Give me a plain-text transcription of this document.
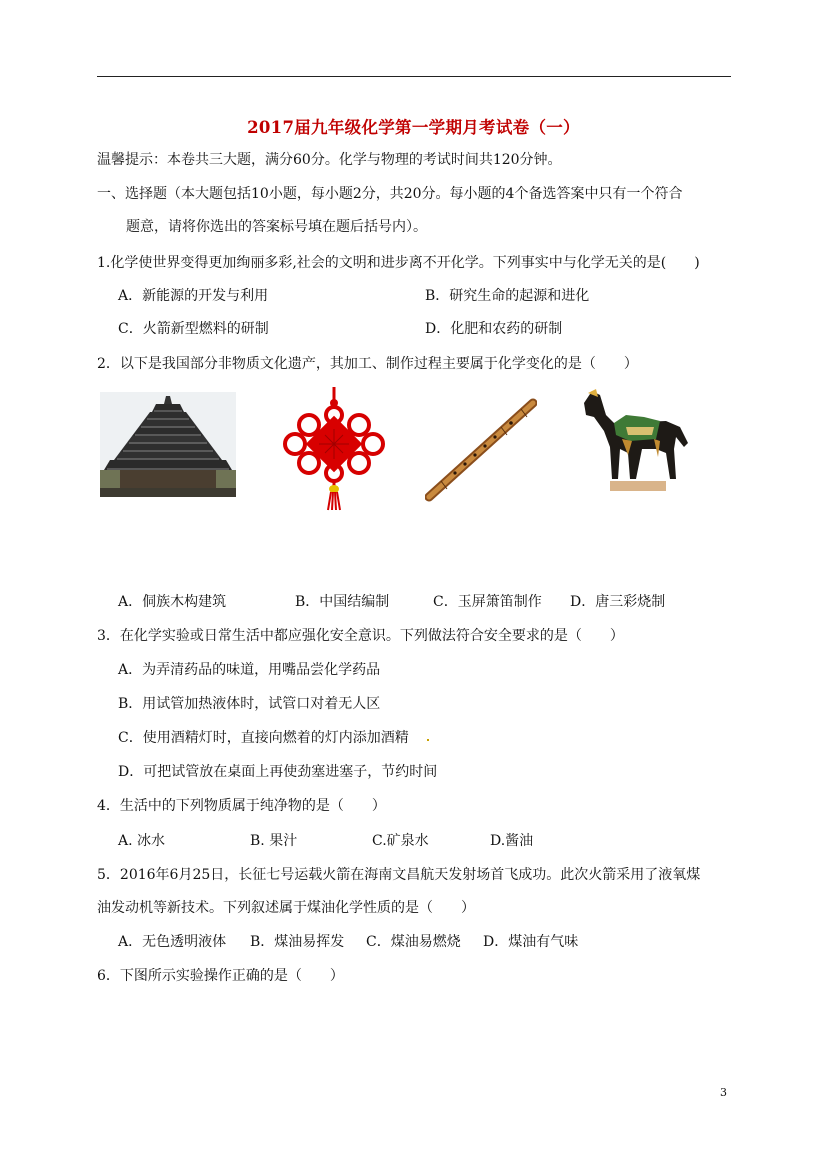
2017届九年级化学第一学期月考试卷（一）
温馨提示：本卷共三大题，满分60分。化学与物理的考试时间共120分钟。
一、选择题（本大题包括10小题，每小题2分，共20分。每小题的4个备选答案中只有一个符合
题意，请将你选出的答案标号填在题后括号内）。
1.化学使世界变得更加绚丽多彩,社会的文明和进步离不开化学。下列事实中与化学无关的是(　　)
A．新能源的开发与利用	B．研究生命的起源和进化
C．火箭新型燃料的研制	D．化肥和农药的研制
2．以下是我国部分非物质文化遗产，其加工、制作过程主要属于化学变化的是（　　）
A．侗族木构建筑	B．中国结编制	C．玉屏箫笛制作 D．唐三彩烧制
3．在化学实验或日常生活中都应强化安全意识。下列做法符合安全要求的是（　　）
A．为弄清药品的味道，用嘴品尝化学药品
B．用试管加热液体时，试管口对着无人区
C．使用酒精灯时，直接向燃着的灯内添加酒精
D．可把试管放在桌面上再使劲塞进塞子，节约时间
4．生活中的下列物质属于纯净物的是（　　）
A. 冰水	B. 果汁	C.矿泉水	D.酱油
5．2016年6月25日，长征七号运载火箭在海南文昌航天发射场首飞成功。此次火箭采用了液氧煤
油发动机等新技术。下列叙述属于煤油化学性质的是（　　）
A．无色透明液体 B．煤油易挥发 C．煤油易燃烧 D．煤油有气味
6．下图所示实验操作正确的是（　　）
3
